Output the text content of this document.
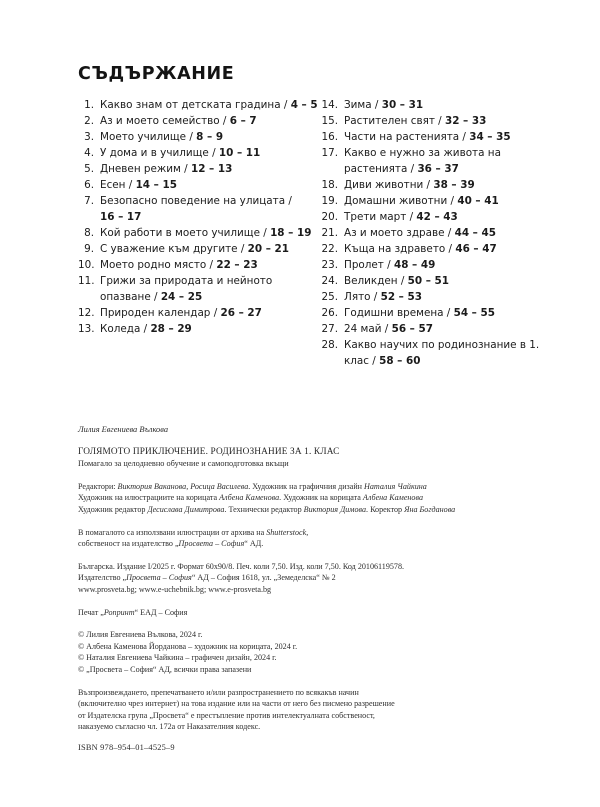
СЪДЪРЖАНИЕ
1. Какво знам от детската градина / 4 – 5
2. Аз и моето семейство / 6 – 7
3. Моето училище / 8 – 9
4. У дома и в училище / 10 – 11
5. Дневен режим / 12 – 13
6. Есен / 14 – 15
7. Безопасно поведение на улицата / 16 – 17
8. Кой работи в моето училище / 18 – 19
9. С уважение към другите / 20 – 21
10. Моето родно място / 22 – 23
11. Грижи за природата и нейното опазване / 24 – 25
12. Природен календар / 26 – 27
13. Коледа / 28 – 29
14. Зима / 30 – 31
15. Растителен свят / 32 – 33
16. Части на растенията / 34 – 35
17. Какво е нужно за живота на растенията / 36 – 37
18. Диви животни / 38 – 39
19. Домашни животни / 40 – 41
20. Трети март / 42 – 43
21. Аз и моето здраве / 44 – 45
22. Къща на здравето / 46 – 47
23. Пролет / 48 – 49
24. Великден / 50 – 51
25. Лято / 52 – 53
26. Годишни времена / 54 – 55
27. 24 май / 56 – 57
28. Какво научих по родинознание в 1. клас / 58 – 60

Лилия Евгениева Вълкова

ГОЛЯМОТО ПРИКЛЮЧЕНИЕ. РОДИНОЗНАНИЕ ЗА 1. КЛАС

Помагало за целодневно обучение и самоподготовка вкъщи

Редактори: Виктория Ваканова, Росица Василева. Художник на графичния дизайн Наталия Чайкина

Художник на илюстрациите на корицата Албена Каменова. Художник на корицата Албена Каменова

Художник редактор Десислава Димитрова. Технически редактор Виктория Димова. Коректор Яна Богданова

В помагалото са използвани илюстрации от архива на Shutterstock,

собственост на издателство „Просвета – София“ АД.

Българска. Издание I/2025 г. Формат 60х90/8. Печ. коли 7,50. Изд. коли 7,50. Код 20106119578.

Издателство „Просвета – София“ АД – София 1618, ул. „Земеделска“ № 2

www.prosveta.bg; www.e-uchebnik.bg; www.e-prosveta.bg

Печат „Ропринт“ ЕАД – София

© Лилия Евгениева Вълкова, 2024 г.

© Албена Каменова Йорданова – художник на корицата, 2024 г.

© Наталия Евгениева Чайкина – графичен дизайн, 2024 г.

© „Просвета – София“ АД, всички права запазени

Възпроизвеждането, препечатването и/или разпространението по всякакъв начин

(включително чрез интернет) на това издание или на части от него без писмено разрешение

от Издателска група „Просвета“ е престъпление против интелектуалната собственост,

наказуемо съгласно чл. 172а от Наказателния кодекс.

ISBN 978–954–01–4525–9
